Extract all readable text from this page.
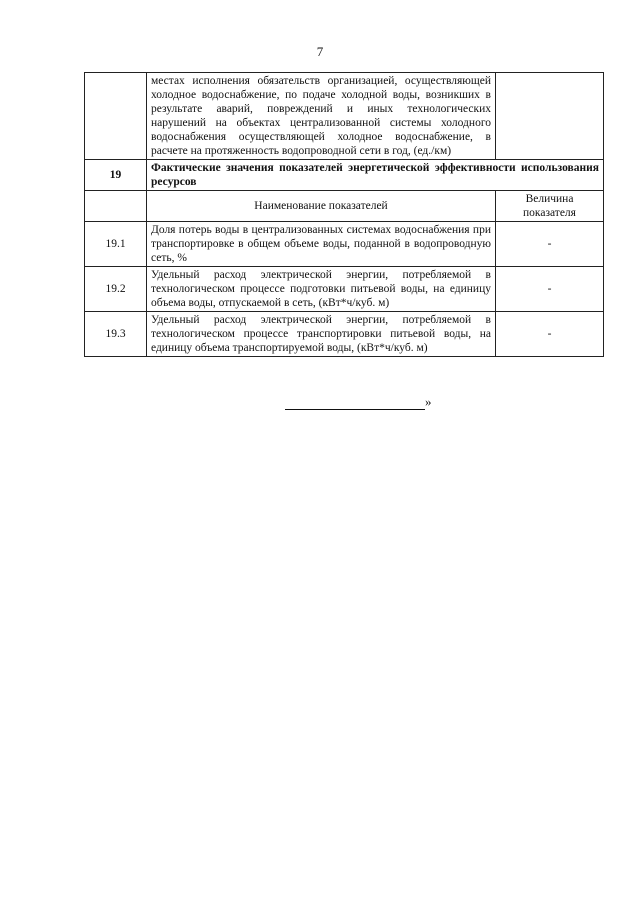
7
	местах исполнения обязательств организацией, осуществляющей холодное водоснабжение, по подаче холодной воды, возникших в результате аварий, повреждений и иных технологических нарушений на объектах централизованной системы холодного водоснабжения осуществляющей холодное водоснабжение, в расчете на протяженность водопроводной сети в год, (ед./км)	
19	Фактические значения показателей энергетической эффективности использования ресурсов	
	Наименование показателей	Величина показателя
19.1	Доля потерь воды в централизованных системах водоснабжения при транспортировке в общем объеме воды, поданной в водопроводную сеть, %	-
19.2	Удельный расход электрической энергии, потребляемой в технологическом процессе подготовки питьевой воды, на единицу объема воды, отпускаемой в сеть, (кВт*ч/куб. м)	-
19.3	Удельный расход электрической энергии, потребляемой в технологическом процессе транспортировки питьевой воды, на единицу объема транспортируемой воды, (кВт*ч/куб. м)	-
»
